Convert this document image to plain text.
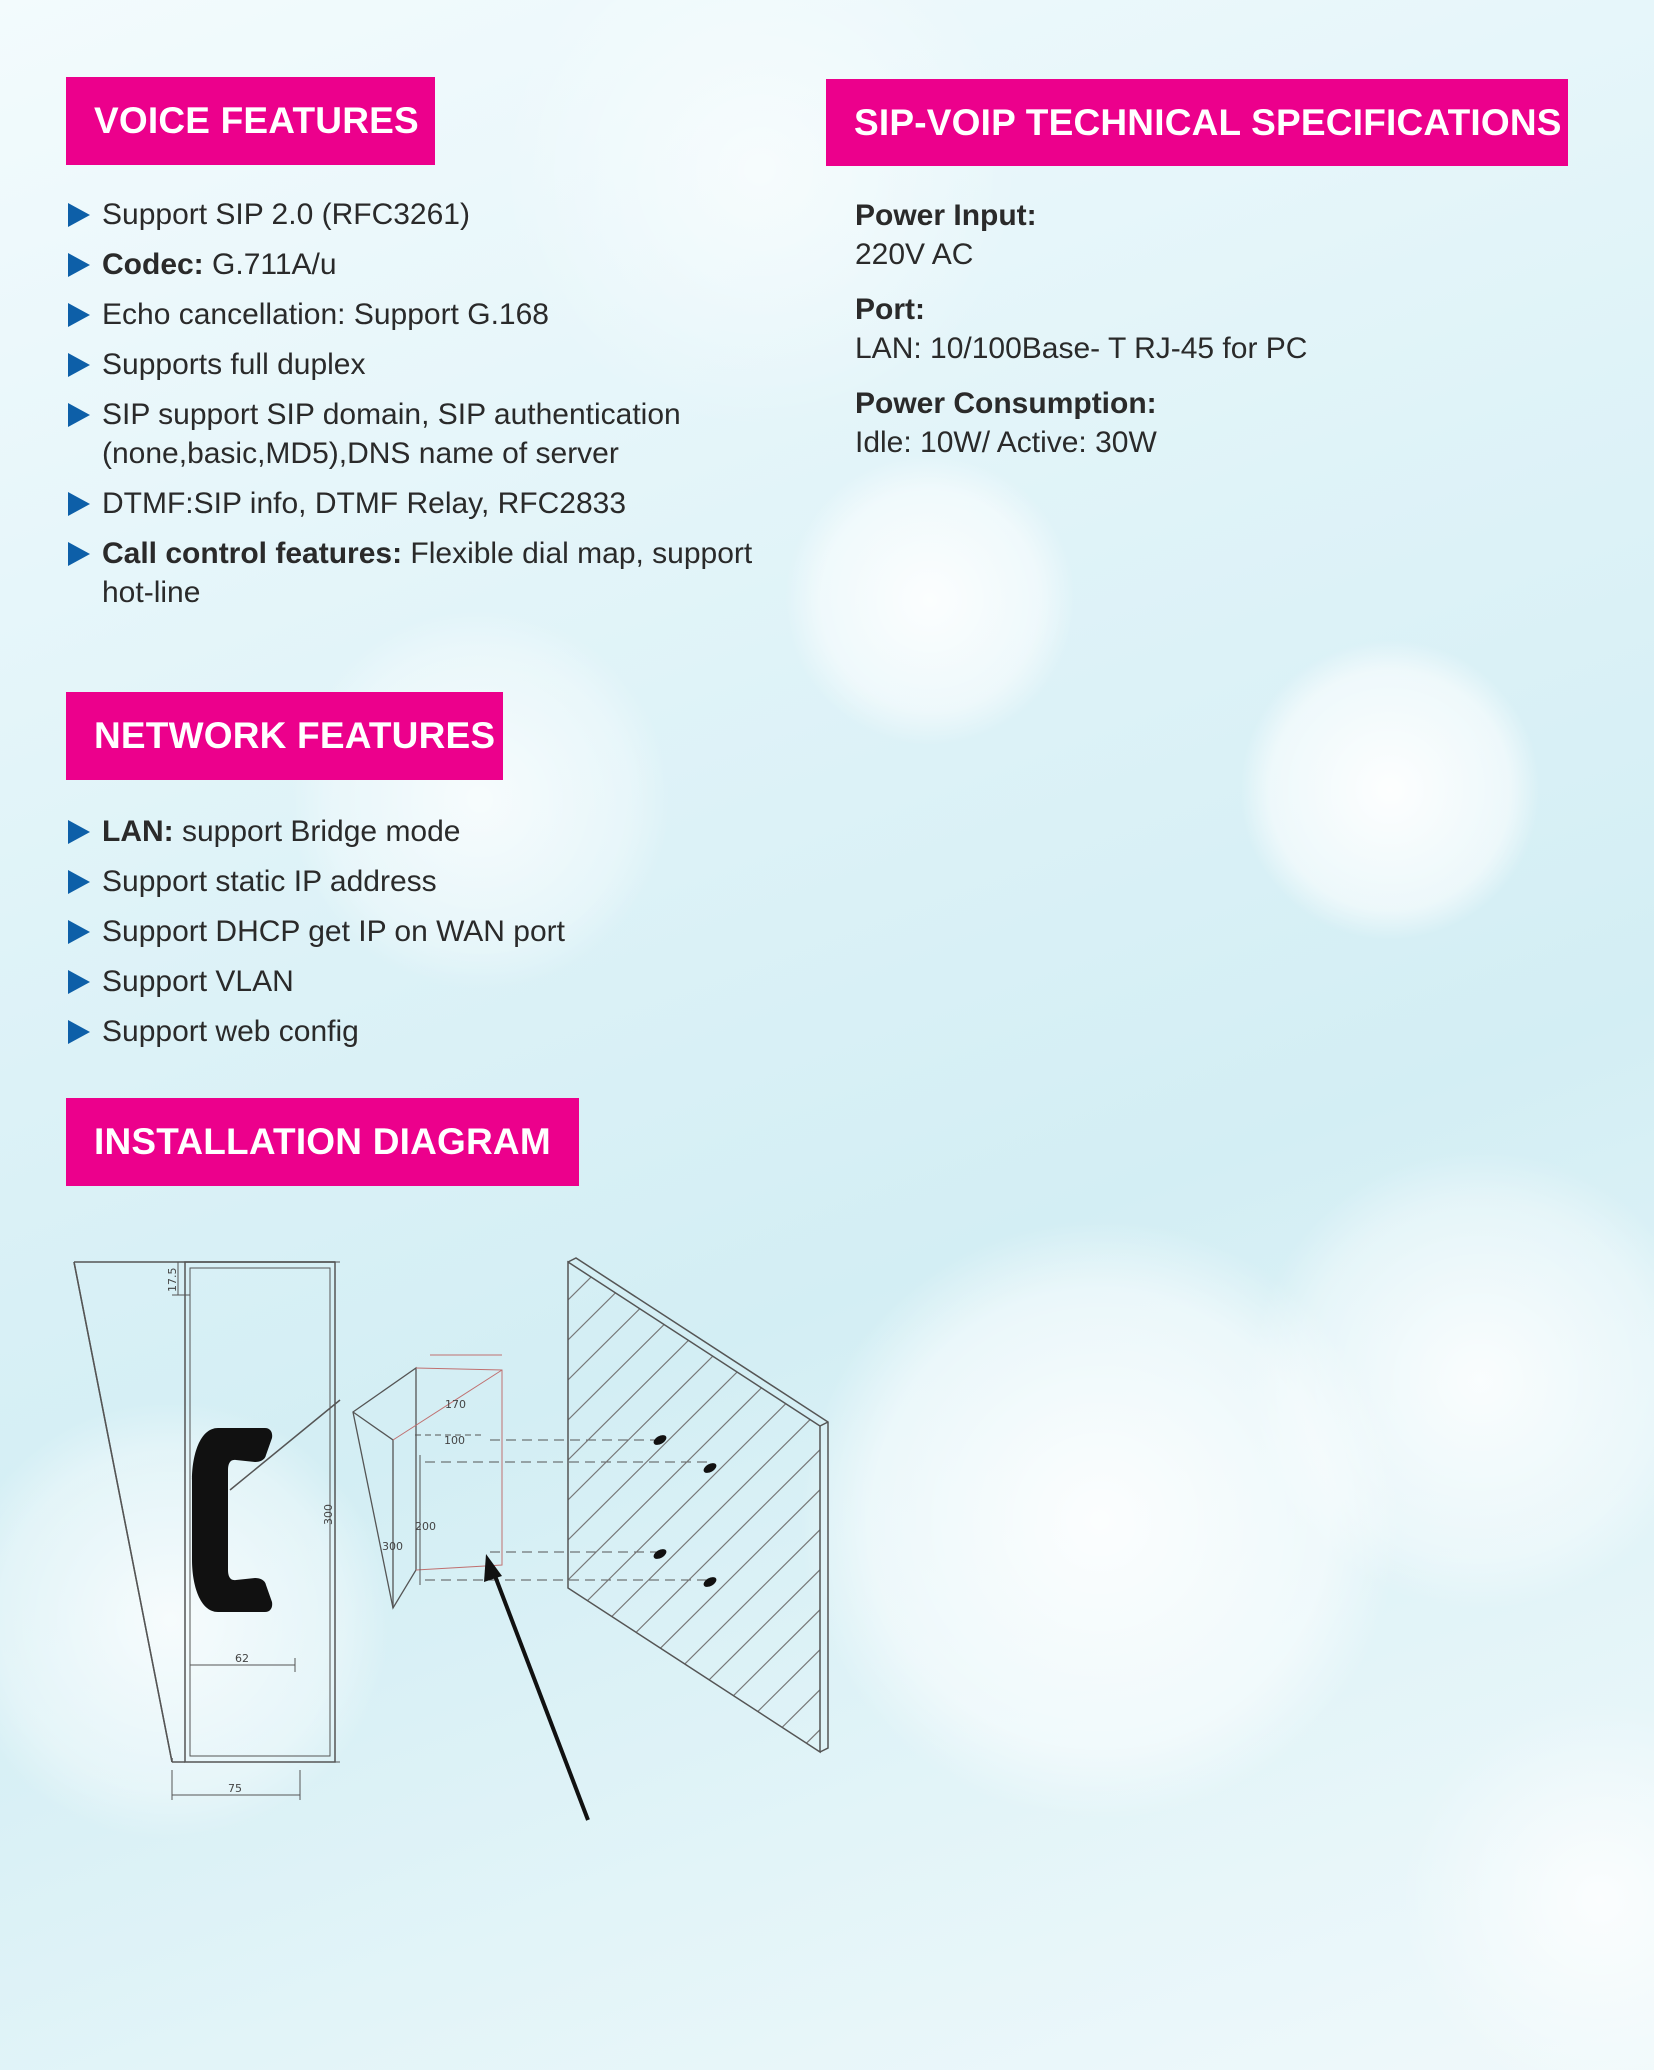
VOICE FEATURES
Support SIP 2.0 (RFC3261)
Codec: G.711A/u
Echo cancellation: Support G.168
Supports full duplex
SIP support SIP domain, SIP authentication (none,basic,MD5),DNS name of server
DTMF:SIP info, DTMF Relay, RFC2833
Call control features: Flexible dial map, support hot-line
NETWORK FEATURES
LAN: support Bridge mode
Support static IP address
Support DHCP get IP on WAN port
Support VLAN
Support web config
INSTALLATION DIAGRAM
17.5
300
62
75
170
100
200
300
SIP-VOIP TECHNICAL SPECIFICATIONS
Power Input:
220V AC
Port:
LAN: 10/100Base- T RJ-45 for PC
Power Consumption:
Idle: 10W/ Active: 30W
